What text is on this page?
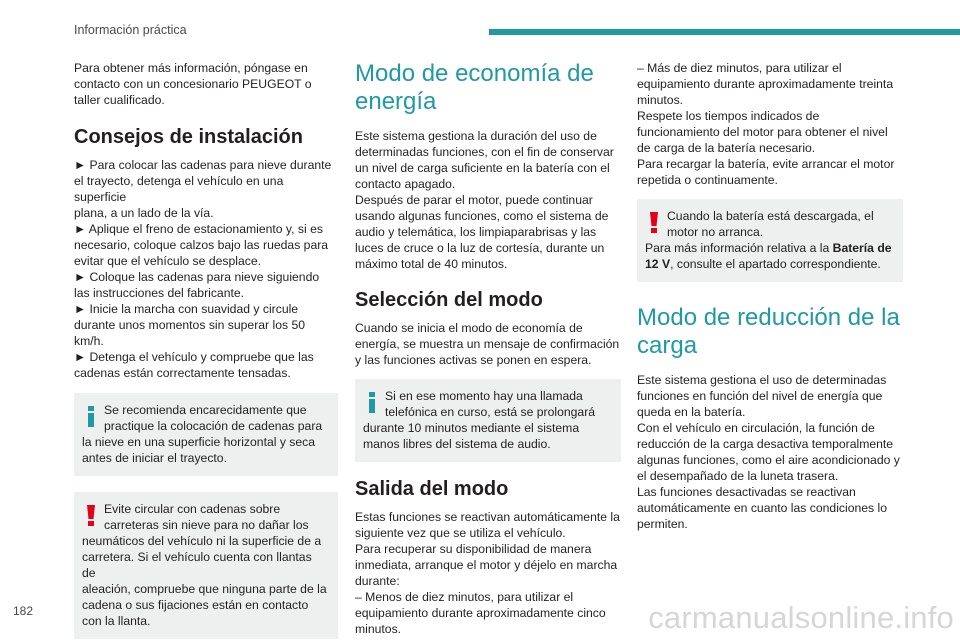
Información práctica

Para obtener más información, póngase en

contacto con un concesionario PEUGEOT o

taller cualificado.

Consejos de instalación

► Para colocar las cadenas para nieve durante

el trayecto, detenga el vehículo en una superficie

plana, a un lado de la vía.

► Aplique el freno de estacionamiento y, si es

necesario, coloque calzos bajo las ruedas para

evitar que el vehículo se desplace.

► Coloque las cadenas para nieve siguiendo

las instrucciones del fabricante.

► Inicie la marcha con suavidad y circule

durante unos momentos sin superar los 50 km/h.

► Detenga el vehículo y compruebe que las

cadenas están correctamente tensadas.

Se recomienda encarecidamente que

practique la colocación de cadenas para

la nieve en una superficie horizontal y seca

antes de iniciar el trayecto.

Evite circular con cadenas sobre

carreteras sin nieve para no dañar los

neumáticos del vehículo ni la superficie de a

carretera. Si el vehículo cuenta con llantas de

aleación, compruebe que ninguna parte de la

cadena o sus fijaciones están en contacto

con la llanta.

Modo de economía de
energía

Este sistema gestiona la duración del uso de

determinadas funciones, con el fin de conservar

un nivel de carga suficiente en la batería con el

contacto apagado.

Después de parar el motor, puede continuar

usando algunas funciones, como el sistema de

audio y telemática, los limpiaparabrisas y las

luces de cruce o la luz de cortesía, durante un

máximo total de 40 minutos.

Selección del modo

Cuando se inicia el modo de economía de

energía, se muestra un mensaje de confirmación

y las funciones activas se ponen en espera.

Si en ese momento hay una llamada

telefónica en curso, está se prolongará

durante 10 minutos mediante el sistema

manos libres del sistema de audio.

Salida del modo

Estas funciones se reactivan automáticamente la

siguiente vez que se utiliza el vehículo.

Para recuperar su disponibilidad de manera

inmediata, arranque el motor y déjelo en marcha

durante:

– Menos de diez minutos, para utilizar el

equipamiento durante aproximadamente cinco

minutos.

– Más de diez minutos, para utilizar el

equipamiento durante aproximadamente treinta

minutos.

Respete los tiempos indicados de

funcionamiento del motor para obtener el nivel

de carga de la batería necesario.

Para recargar la batería, evite arrancar el motor

repetida o continuamente.

Cuando la batería está descargada, el

motor no arranca.

Para más información relativa a la Batería de

12 V, consulte el apartado correspondiente.

Modo de reducción de la
carga

Este sistema gestiona el uso de determinadas

funciones en función del nivel de energía que

queda en la batería.

Con el vehículo en circulación, la función de

reducción de la carga desactiva temporalmente

algunas funciones, como el aire acondicionado y

el desempañado de la luneta trasera.

Las funciones desactivadas se reactivan

automáticamente en cuanto las condiciones lo

permiten.

182	carmanualsonline.info
